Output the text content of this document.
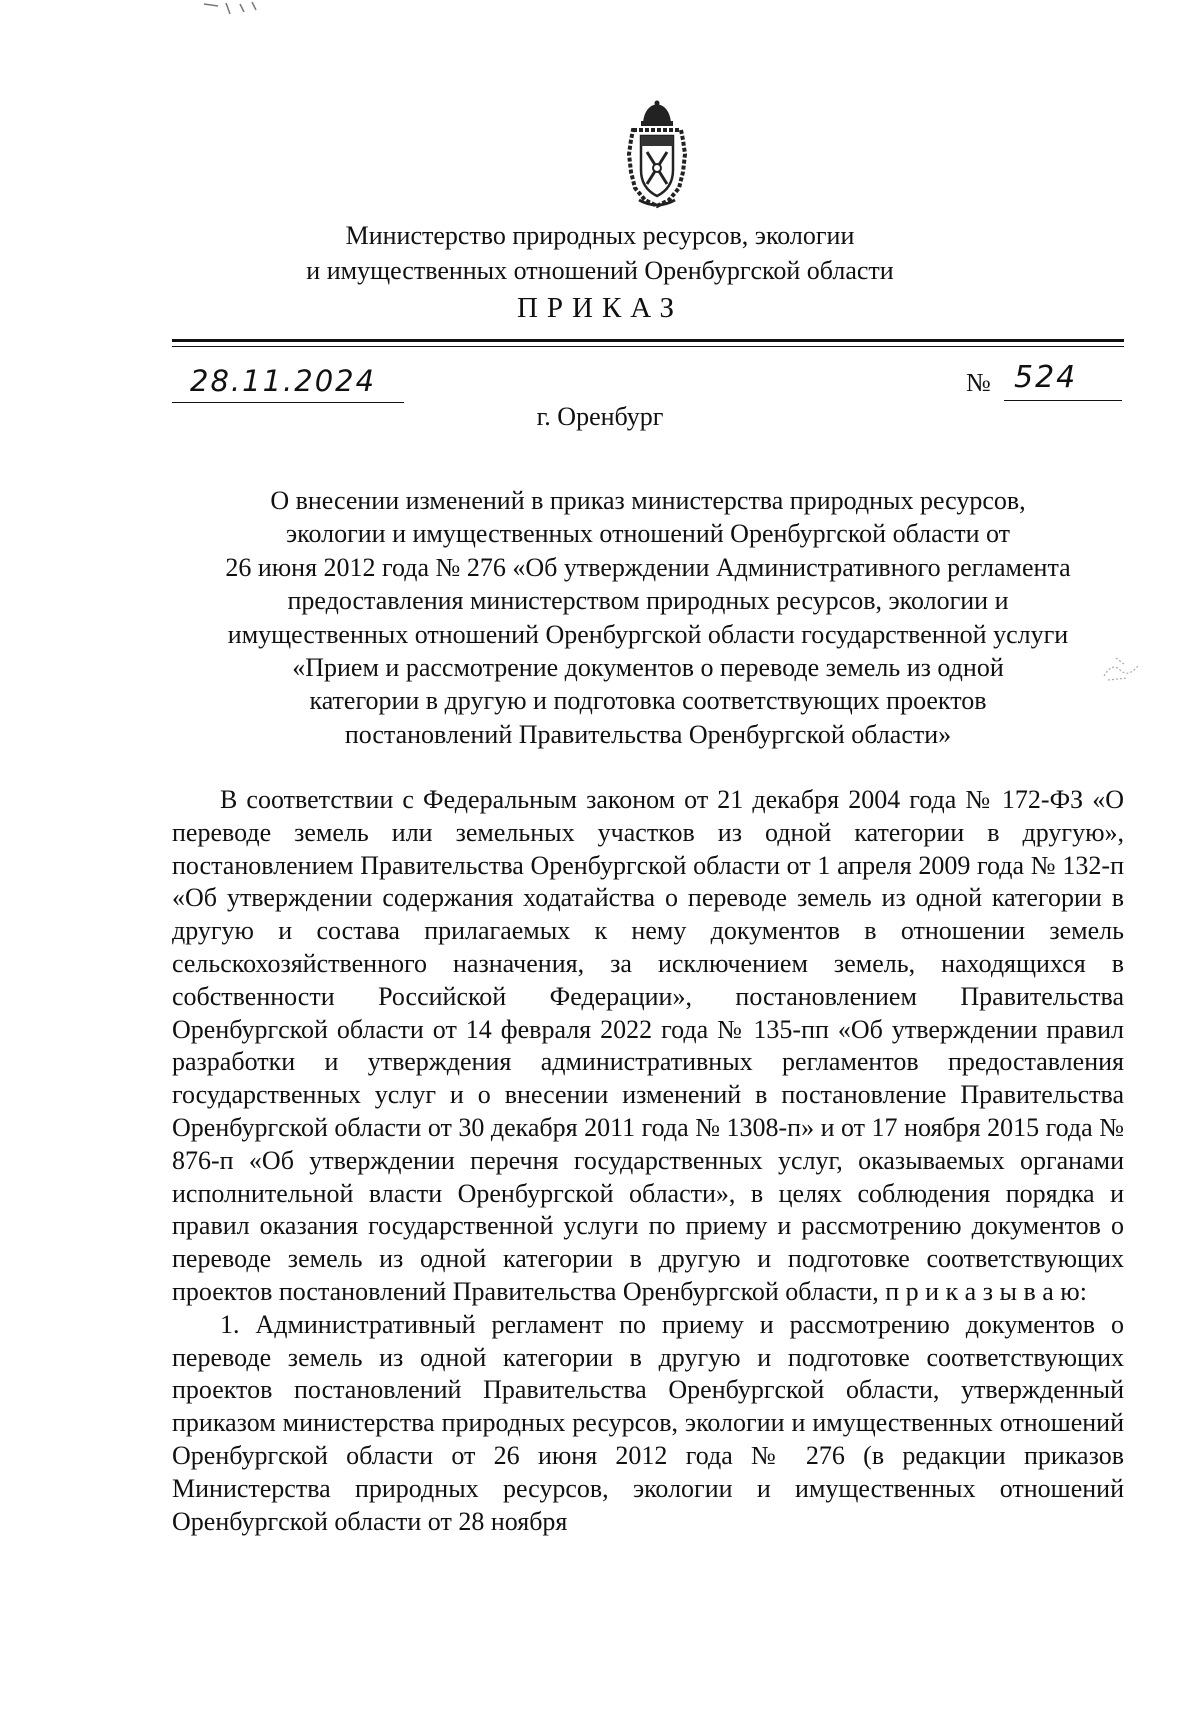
Министерство природных ресурсов, экологии
и имущественных отношений Оренбургской области
ПРИКАЗ
28.11.2024	№ 524
г. Оренбург
О внесении изменений в приказ министерства природных ресурсов,
экологии и имущественных отношений Оренбургской области от
26 июня 2012 года № 276 «Об утверждении Административного регламента
предоставления министерством природных ресурсов, экологии и
имущественных отношений Оренбургской области государственной услуги
«Прием и рассмотрение документов о переводе земель из одной
категории в другую и подготовка соответствующих проектов
постановлений Правительства Оренбургской области»

В соответствии с Федеральным законом от 21 декабря 2004 года № 172-ФЗ «О переводе земель или земельных участков из одной категории в другую», постановлением Правительства Оренбургской области от 1 апреля 2009 года № 132-п «Об утверждении содержания ходатайства о переводе земель из одной категории в другую и состава прилагаемых к нему документов в отношении земель сельскохозяйственного назначения, за исключением земель, находящихся в собственности Российской Федерации», постановлением Правительства Оренбургской области от 14 февраля 2022 года № 135-пп «Об утверждении правил разработки и утверждения административных регламентов предоставления государственных услуг и о внесении изменений в постановление Правительства Оренбургской области от 30 декабря 2011 года № 1308-п» и от 17 ноября 2015 года № 876-п «Об утверждении перечня государственных услуг, оказываемых органами исполнительной власти Оренбургской области», в целях соблюдения порядка и правил оказания государственной услуги по приему и рассмотрению документов о переводе земель из одной категории в другую и подготовке соответствующих проектов постановлений Правительства Оренбургской области, п р и к а з ы в а ю:

1. Административный регламент по приему и рассмотрению документов о переводе земель из одной категории в другую и подготовке соответствующих проектов постановлений Правительства Оренбургской области, утвержденный приказом министерства природных ресурсов, экологии и имущественных отношений Оренбургской области от 26 июня 2012 года № 276 (в редакции приказов Министерства природных ресурсов, экологии и имущественных отношений Оренбургской области от 28 ноября
